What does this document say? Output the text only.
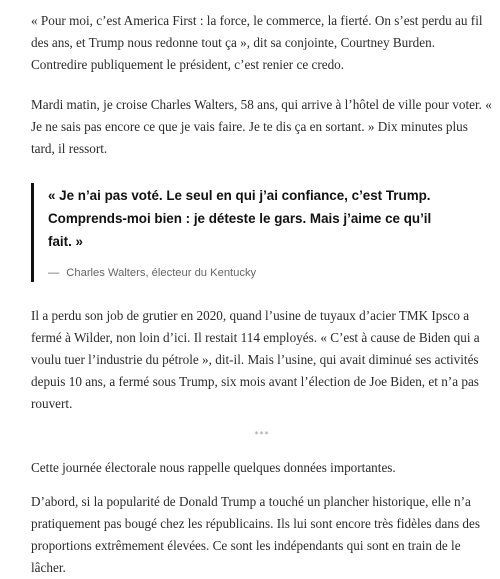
« Pour moi, c’est America First : la force, le commerce, la fierté. On s’est perdu au fil des ans, et Trump nous redonne tout ça », dit sa conjointe, Courtney Burden. Contredire publiquement le président, c’est renier ce credo.

Mardi matin, je croise Charles Walters, 58 ans, qui arrive à l’hôtel de ville pour voter. « Je ne sais pas encore ce que je vais faire. Je te dis ça en sortant. » Dix minutes plus tard, il ressort.

« Je n’ai pas voté. Le seul en qui j’ai confiance, c’est Trump. Comprends-moi bien : je déteste le gars. Mais j’aime ce qu’il fait. »

— Charles Walters, électeur du Kentucky

Il a perdu son job de grutier en 2020, quand l’usine de tuyaux d’acier TMK Ipsco a fermé à Wilder, non loin d’ici. Il restait 114 employés. « C’est à cause de Biden qui a voulu tuer l’industrie du pétrole », dit-il. Mais l’usine, qui avait diminué ses activités depuis 10 ans, a fermé sous Trump, six mois avant l’élection de Joe Biden, et n’a pas rouvert.

***

Cette journée électorale nous rappelle quelques données importantes.

D’abord, si la popularité de Donald Trump a touché un plancher historique, elle n’a pratiquement pas bougé chez les républicains. Ils lui sont encore très fidèles dans des proportions extrêmement élevées. Ce sont les indépendants qui sont en train de le lâcher.
